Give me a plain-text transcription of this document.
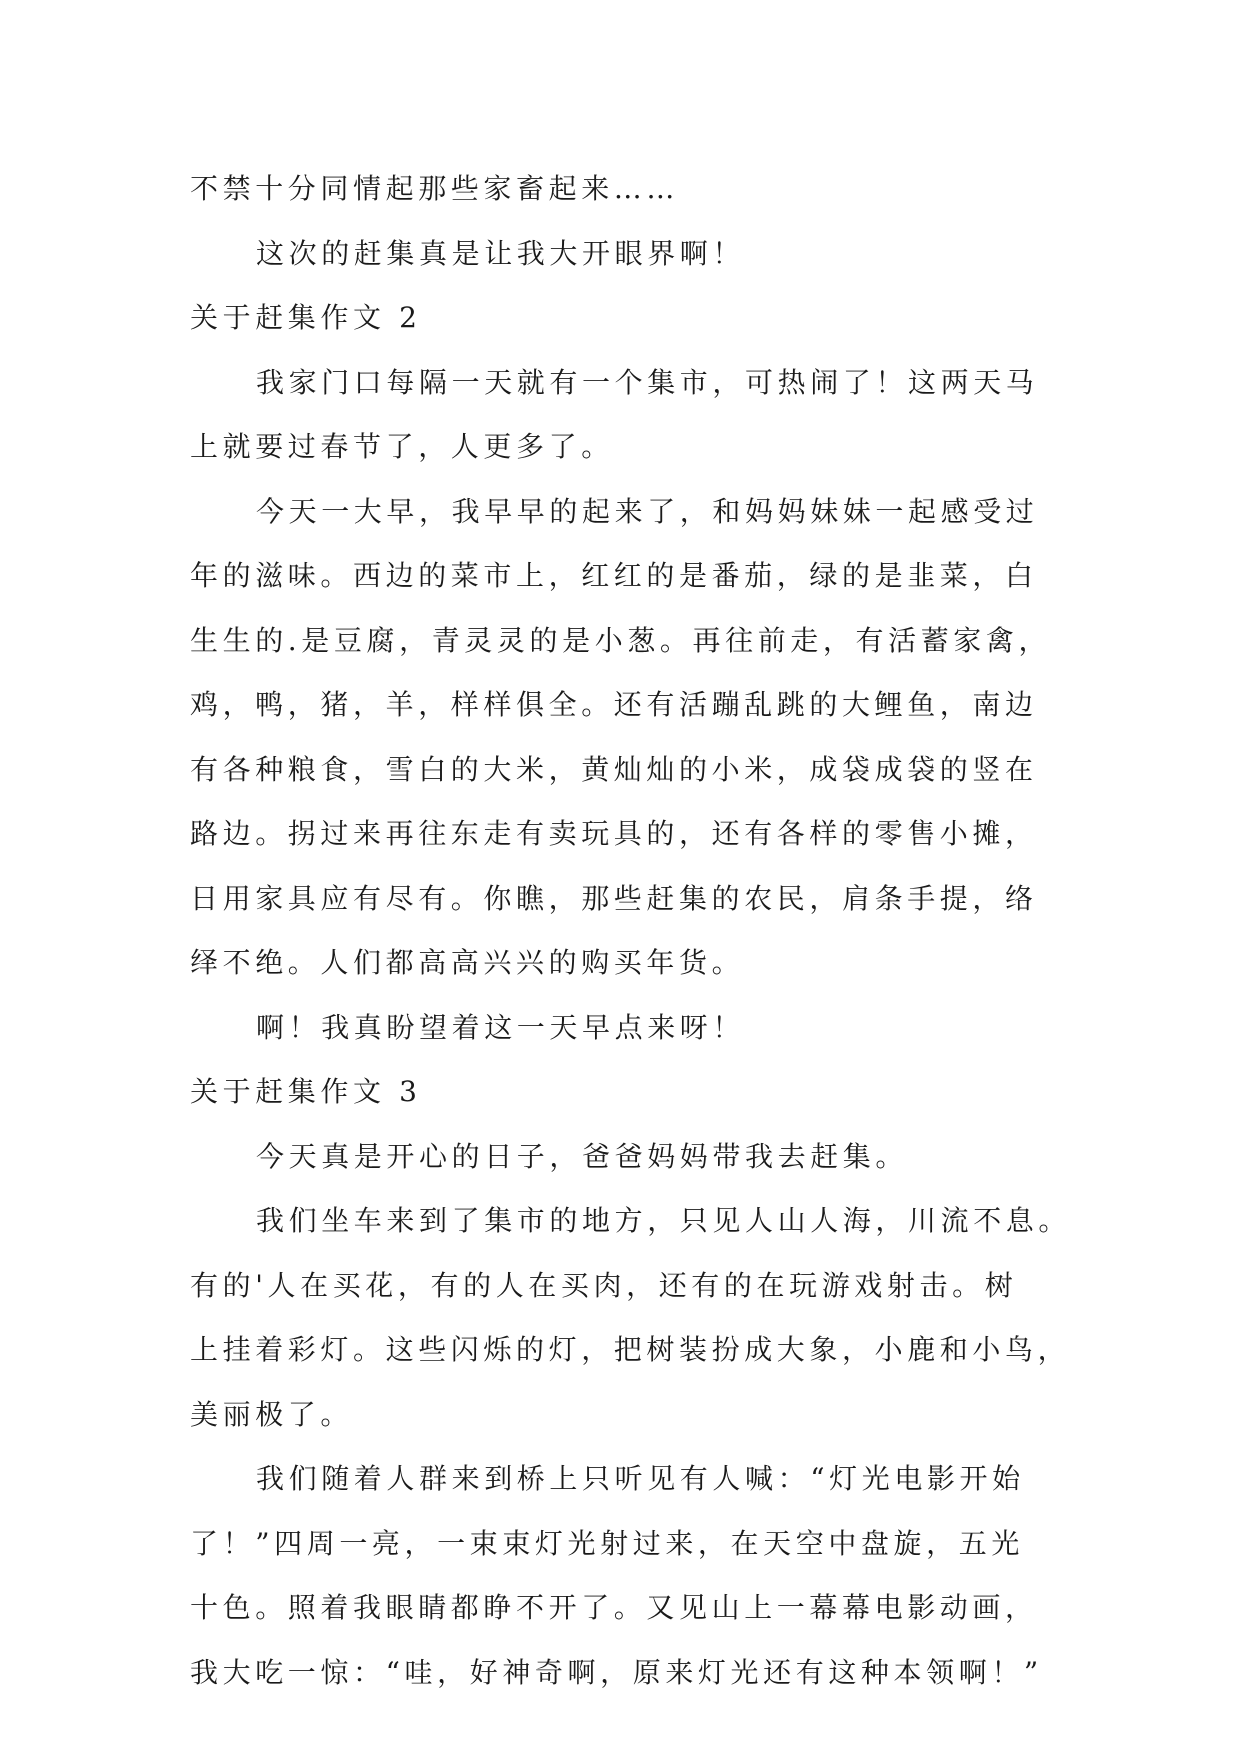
不禁十分同情起那些家畜起来……
这次的赶集真是让我大开眼界啊！
关于赶集作文 2
我家门口每隔一天就有一个集市，可热闹了！这两天马
上就要过春节了，人更多了。
今天一大早，我早早的起来了，和妈妈妹妹一起感受过
年的滋味。西边的菜市上，红红的是番茄，绿的是韭菜，白
生生的.是豆腐，青灵灵的是小葱。再往前走，有活蓄家禽，
鸡，鸭，猪，羊，样样俱全。还有活蹦乱跳的大鲤鱼，南边
有各种粮食，雪白的大米，黄灿灿的小米，成袋成袋的竖在
路边。拐过来再往东走有卖玩具的，还有各样的零售小摊，
日用家具应有尽有。你瞧，那些赶集的农民，肩条手提，络
绎不绝。人们都高高兴兴的购买年货。
啊！我真盼望着这一天早点来呀！
关于赶集作文 3
今天真是开心的日子，爸爸妈妈带我去赶集。
我们坐车来到了集市的地方，只见人山人海，川流不息。
有的'人在买花，有的人在买肉，还有的在玩游戏射击。树
上挂着彩灯。这些闪烁的灯，把树装扮成大象，小鹿和小鸟，
美丽极了。
我们随着人群来到桥上只听见有人喊：“灯光电影开始
了！”四周一亮，一束束灯光射过来，在天空中盘旋，五光
十色。照着我眼睛都睁不开了。又见山上一幕幕电影动画，
我大吃一惊：“哇，好神奇啊，原来灯光还有这种本领啊！”
